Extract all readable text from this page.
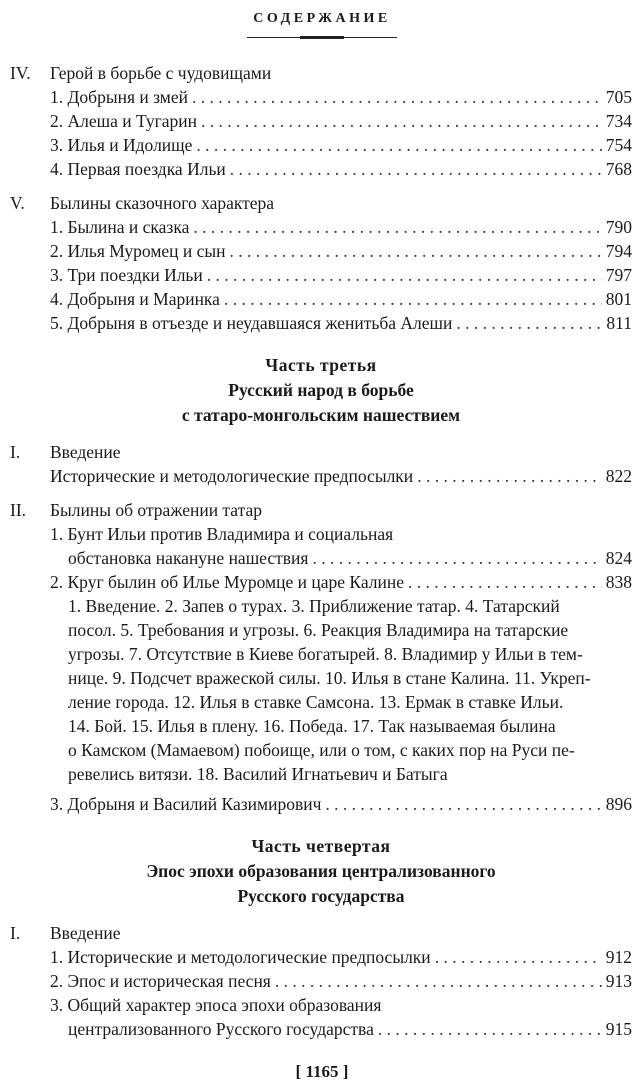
СОДЕРЖАНИЕ
IV.	Герой в борьбе с чудовищами
1. Добрыня и змей . . .	705
2. Алеша и Тугарин . . .	734
3. Илья и Идолище . . .	754
4. Первая поездка Ильи . . .	768
V.	Былины сказочного характера
1. Былина и сказка . . .	790
2. Илья Муромец и сын . . .	794
3. Три поездки Ильи . . .	797
4. Добрыня и Маринка . . .	801
5. Добрыня в отъезде и неудавшаяся женитьба Алеши . . .	811
Часть третья
Русский народ в борьбе
с татаро-монгольским нашествием
I.	Введение
Исторические и методологические предпосылки . . .	822
II.	Былины об отражении татар
1. Бунт Ильи против Владимира и социальная
обстановка накануне нашествия . . .	824
2. Круг былин об Илье Муромце и царе Калине . . .	838
1. Введение. 2. Запев о турах. 3. Приближение татар. 4. Татарский
посол. 5. Требования и угрозы. 6. Реакция Владимира на татарские
угрозы. 7. Отсутствие в Киеве богатырей. 8. Владимир у Ильи в тем-
нице. 9. Подсчет вражеской силы. 10. Илья в стане Калина. 11. Укреп-
ление города. 12. Илья в ставке Самсона. 13. Ермак в ставке Ильи.
14. Бой. 15. Илья в плену. 16. Победа. 17. Так называемая былина
о Камском (Мамаевом) побоище, или о том, с каких пор на Руси пе-
ревелись витязи. 18. Василий Игнатьевич и Батыга
3. Добрыня и Василий Казимирович . . .	896
Часть четвертая
Эпос эпохи образования централизованного
Русского государства
I.	Введение
1. Исторические и методологические предпосылки . . .	912
2. Эпос и историческая песня . . .	913
3. Общий характер эпоса эпохи образования
централизованного Русского государства . . .	915
[ 1165 ]
